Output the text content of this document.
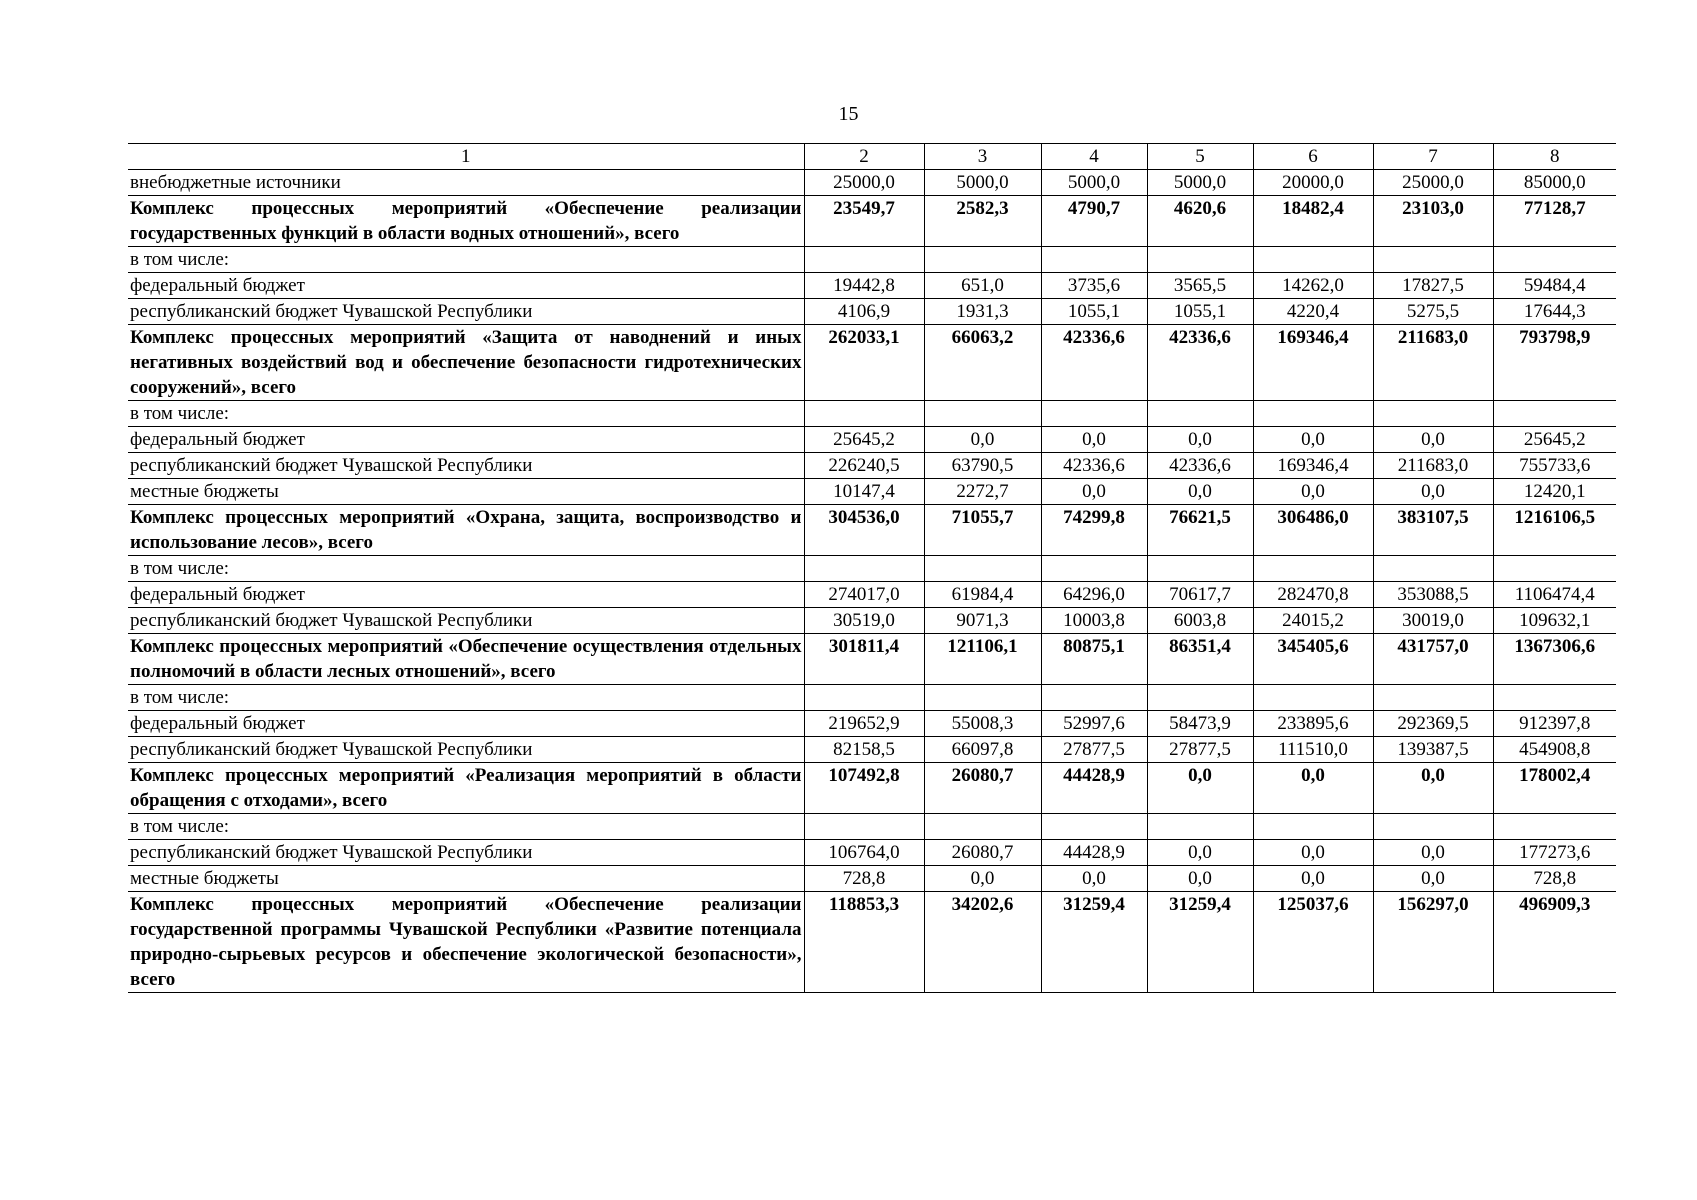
15
1	2	3	4	5	6	7	8
внебюджетные источники	25000,0	5000,0	5000,0	5000,0	20000,0	25000,0	85000,0
Комплекс процессных мероприятий «Обеспечение реализации государственных функций в области водных отношений», всего	23549,7	2582,3	4790,7	4620,6	18482,4	23103,0	77128,7
в том числе:							
федеральный бюджет	19442,8	651,0	3735,6	3565,5	14262,0	17827,5	59484,4
республиканский бюджет Чувашской Республики	4106,9	1931,3	1055,1	1055,1	4220,4	5275,5	17644,3
Комплекс процессных мероприятий «Защита от наводнений и иных негативных воздействий вод и обеспечение безопасности гидротехнических сооружений», всего	262033,1	66063,2	42336,6	42336,6	169346,4	211683,0	793798,9
в том числе:							
федеральный бюджет	25645,2	0,0	0,0	0,0	0,0	0,0	25645,2
республиканский бюджет Чувашской Республики	226240,5	63790,5	42336,6	42336,6	169346,4	211683,0	755733,6
местные бюджеты	10147,4	2272,7	0,0	0,0	0,0	0,0	12420,1
Комплекс процессных мероприятий «Охрана, защита, воспроизводство и использование лесов», всего	304536,0	71055,7	74299,8	76621,5	306486,0	383107,5	1216106,5
в том числе:							
федеральный бюджет	274017,0	61984,4	64296,0	70617,7	282470,8	353088,5	1106474,4
республиканский бюджет Чувашской Республики	30519,0	9071,3	10003,8	6003,8	24015,2	30019,0	109632,1
Комплекс процессных мероприятий «Обеспечение осуществления отдельных полномочий в области лесных отношений», всего	301811,4	121106,1	80875,1	86351,4	345405,6	431757,0	1367306,6
в том числе:							
федеральный бюджет	219652,9	55008,3	52997,6	58473,9	233895,6	292369,5	912397,8
республиканский бюджет Чувашской Республики	82158,5	66097,8	27877,5	27877,5	111510,0	139387,5	454908,8
Комплекс процессных мероприятий «Реализация мероприятий в области обращения с отходами», всего	107492,8	26080,7	44428,9	0,0	0,0	0,0	178002,4
в том числе:							
республиканский бюджет Чувашской Республики	106764,0	26080,7	44428,9	0,0	0,0	0,0	177273,6
местные бюджеты	728,8	0,0	0,0	0,0	0,0	0,0	728,8
Комплекс процессных мероприятий «Обеспечение реализации государственной программы Чувашской Республики «Развитие потенциала природно-сырьевых ресурсов и обеспечение экологической безопасности», всего	118853,3	34202,6	31259,4	31259,4	125037,6	156297,0	496909,3
